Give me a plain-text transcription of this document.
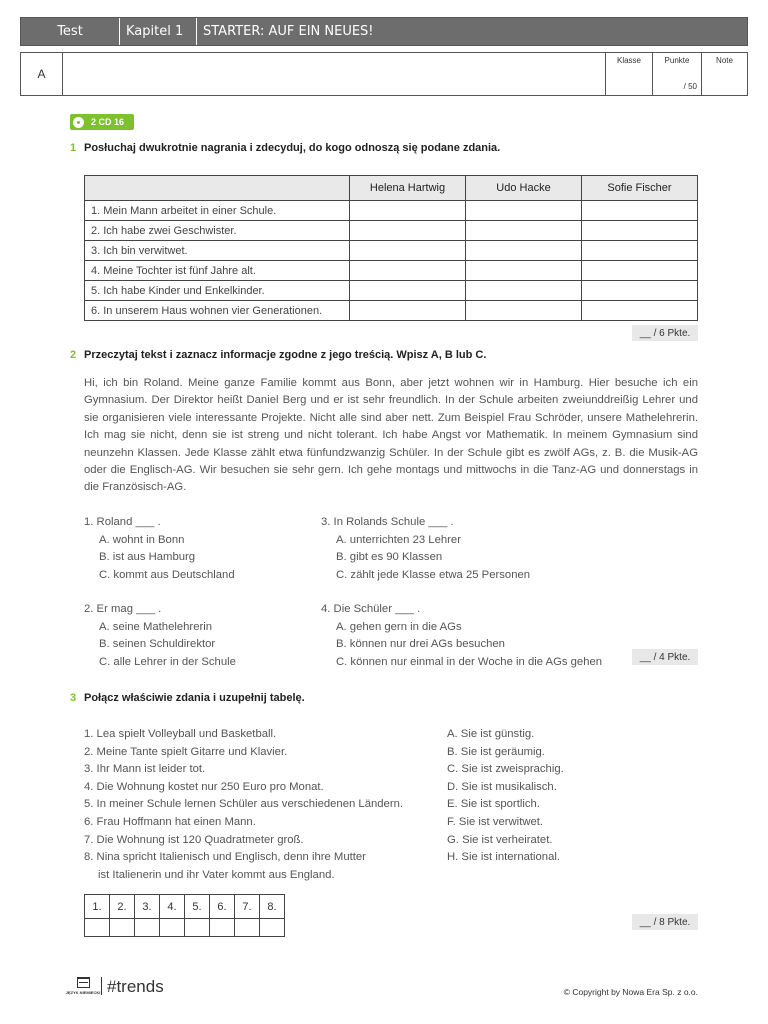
Test	Kapitel 1	STARTER: AUF EIN NEUES!
A
Klasse	Punkte
/ 50
Note
2 CD 16
1 Posłuchaj dwukrotnie nagrania i zdecyduj, do kogo odnoszą się podane zdania.
	Helena Hartwig	Udo Hacke	Sofie Fischer
1. Mein Mann arbeitet in einer Schule.			
2. Ich habe zwei Geschwister.			
3. Ich bin verwitwet.			
4. Meine Tochter ist fünf Jahre alt.			
5. Ich habe Kinder und Enkelkinder.			
6. In unserem Haus wohnen vier Generationen.			
__ / 6 Pkte.
2 Przeczytaj tekst i zaznacz informacje zgodne z jego treścią. Wpisz A, B lub C.
Hi, ich bin Roland. Meine ganze Familie kommt aus Bonn, aber jetzt wohnen wir in Hamburg. Hier besuche ich ein Gymnasium. Der Direktor heißt Daniel Berg und er ist sehr freundlich. In der Schule arbeiten zweiunddreißig Lehrer und sie organisieren viele interessante Projekte. Nicht alle sind aber nett. Zum Beispiel Frau Schröder, unsere Mathelehrerin. Ich mag sie nicht, denn sie ist streng und nicht tolerant. Ich habe Angst vor Mathematik. In meinem Gymnasium sind neunzehn Klassen. Jede Klasse zählt etwa fünfundzwanzig Schüler. In der Schule gibt es zwölf AGs, z. B. die Musik-AG oder die Englisch-AG. Wir besuchen sie sehr gern. Ich gehe montags und mittwochs in die Tanz-AG und donnerstags in die Französisch-AG.
1. Roland ___ .
A. wohnt in Bonn
B. ist aus Hamburg
C. kommt aus Deutschland
2. Er mag ___ .
A. seine Mathelehrerin
B. seinen Schuldirektor
C. alle Lehrer in der Schule
3. In Rolands Schule ___ .
A. unterrichten 23 Lehrer
B. gibt es 90 Klassen
C. zählt jede Klasse etwa 25 Personen
4. Die Schüler ___ .
A. gehen gern in die AGs
B. können nur drei AGs besuchen
C. können nur einmal in der Woche in die AGs gehen	__ / 4 Pkte.
3 Połącz właściwie zdania i uzupełnij tabelę.
1. Lea spielt Volleyball und Basketball.
2. Meine Tante spielt Gitarre und Klavier.
3. Ihr Mann ist leider tot.
4. Die Wohnung kostet nur 250 Euro pro Monat.
5. In meiner Schule lernen Schüler aus verschiedenen Ländern.
6. Frau Hoffmann hat einen Mann.
7. Die Wohnung ist 120 Quadratmeter groß.
8. Nina spricht Italienisch und Englisch, denn ihre Mutter
ist Italienerin und ihr Vater kommt aus England.
A. Sie ist günstig.
B. Sie ist geräumig.
C. Sie ist zweisprachig.
D. Sie ist musikalisch.
E. Sie ist sportlich.
F. Sie ist verwitwet.
G. Sie ist verheiratet.
H. Sie ist international.
1.	2.	3.	4.	5.	6.	7.	8.

__ / 8 Pkte.
JĘZYK NIEMIECKI #trends	© Copyright by Nowa Era Sp. z o.o.
